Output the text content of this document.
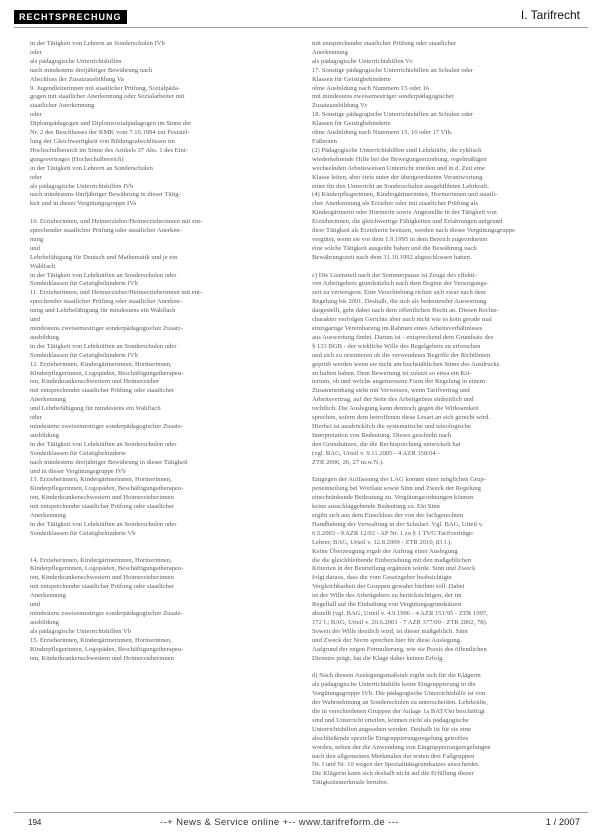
RECHTSPRECHUNG	I. Tarifrecht
in der Tätigkeit von Lehrern an Sonderschulen IVb
oder
als pädagogische Unterrichtshilfen
nach mindestens dreijähriger Bewährung nach
Abschluss der Zusatzausbildung Va
9. Jugendleiterinnen mit staatlicher Prüfung, Sozialpäda-
gogen mit staatlicher Anerkennung oder Sozialarbeiter mit
staatlicher Anerkennung
oder
Diplompädagogen und Diplomsozialpädagogen im Sinne der
Nr. 2 des Beschlusses der KMK vom 7.10.1994 zur Feststel-
lung der Gleichwertigkeit von Bildungsabschlüssen im
Hochschulbereich im Sinne des Artikels 37 Abs. 1 des Eini-
gungsvertrages (Hochschulbereich)
in der Tätigkeit von Lehrern an Sonderschulen
oder
als pädagogische Unterrichtshilfen IVb
nach mindestens fünfjähriger Bewährung in dieser Tätig-
keit und in dieser Vergütungsgruppe IVa

10. Erzieherinnen, und Heimerzieher/Heimerzieherinnen mit ent-
sprechender staatlicher Prüfung oder staatlicher Anerken-
nung
und
Lehrbefähigung für Deutsch und Mathematik und je ein
Wahlfach
in der Tätigkeit von Lehrkräften an Sonderschulen oder
Sonderklassen für Geistigbehinderte IVb
11. Erzieherinnen, und Heimerzieher/Heimerzieherinnen mit ent-
sprechender staatlicher Prüfung oder staatlicher Anerken-
nung und Lehrbefähigung für mindestens ein Wahlfach
und
mindestens zweisemestriger sonderpädagogischer Zusatz-
ausbildung
in der Tätigkeit von Lehrkräften an Sonderschulen oder
Sonderklassen für Geistigbehinderte IVb
12. Erzieherinnen, Kindergärtnerinnen, Hortnerinnen,
Kinderpflegerinnen, Logopäden, Beschäftigungstherapeu-
ten, Kinderkrankenschwestern und Heimerzieher
mit entsprechender staatlicher Prüfung oder staatlicher
Anerkennung
und Lehrbefähigung für mindestens ein Wahlfach
oder
mindestens zweisemestriger sonderpädagogischer Zusatz-
ausbildung
in der Tätigkeit von Lehrkräften an Sonderschulen oder
Sonderklassen für Geistigbehinderte
nach mindestens dreijähriger Bewährung in dieser Tätigkeit
und in dieser Vergütungsgruppe IVb
13. Erzieherinnen, Kindergärtnerinnen, Hortnerinnen,
Kinderpflegerinnen, Logopäden, Beschäftigungstherapeu-
ten, Kinderkrankenschwestern und Heimerzieherinnen
mit entsprechender staatlicher Prüfung oder staatlicher
Anerkennung
in der Tätigkeit von Lehrkräften an Sonderschulen oder
Sonderklassen für Geistigbehinderte Vb

14. Erzieherinnen, Kindergärtnerinnen, Hortnerinnen,
Kinderpflegerinnen, Logopäden, Beschäftigungstherapeu-
ten, Kinderkrankenschwestern und Heimerzieherinnen
mit entsprechender staatlicher Prüfung oder staatlicher
Anerkennung
und
mindestens zweisemestriger sonderpädagogischer Zusatz-
ausbildung
als pädagogische Unterrichtshilfen Vb
15. Erzieherinnen, Kindergärtnerinnen, Hortnerinnen,
Kinderpflegerinnen, Logopäden, Beschäftigungstherapeu-
ten, Kinderkrankenschwestern und Heimerzieherinnen
mit entsprechender staatlicher Prüfung oder staatlicher
Anerkennung
als pädagogische Unterrichtshilfen Vc
17. Sonstige pädagogische Unterrichtshilfen an Schulen oder
Klassen für Geistigbehinderte
ohne Ausbildung nach Nummern 15 oder 16
mit mindestens zweisemestriger sonderpädagogischer
Zusatzausbildung Vc
18. Sonstige pädagogische Unterrichtshilfen an Schulen oder
Klassen für Geistigbehinderte
ohne Ausbildung nach Nummern 15, 16 oder 17 VIb.
Fußnoten
(2) Pädagogische Unterrichtshilfen sind Lehrkräfte, die zyklisch
wiederkehrende Hilfe bei der Bewegungserziehung, regelmäßigen
wechselnden Arbeitsweisen Unterricht erteilen und in d. Zeit eine
Klasse leiten, aber stets unter der übergeordneten Verantwortung
einer für den Unterricht an Sonderschulen ausgebildeten Lehrkraft.
(4) Kinderpflegerinnen, Kindergärtnerinnen, Hortnerinnen und staatli-
cher Anerkennung als Erzieher oder mit staatlicher Prüfung als
Kindergärtnerin oder Hortnerin sowie Angestellte in der Tätigkeit von
Erzieherinnen, die gleichwertige Fähigkeiten und Erfahrungen aufgrund
ihrer Tätigkeit als Erzieherin besitzen, werden nach dieser Vergütungsgruppe
vergütet, wenn sie vor dem 1.9.1995 in dem Bereich zugeordneten
eine solche Tätigkeit ausgeübt haben und die Bewährung nach
Bewährungszeit nach dem 31.10.1992 abgeschlossen hatten.

c) Die Lizenzteil nach der Sommerpause ist Zeuge des effekti-
ven Arbeitgebers grundsätzlich nach dem Beginn der Versorgungs-
zeit zu verweigern. Eine Verschiebung richtet sich zwar nach dem
Regelung bis 2001. Deshalb, die sich als bedeutender Auswertung
dargestellt, geht dabei nach dem öffentlichen Recht an. Diesen Rechts-
charakter verfolgen Gerichte aber auch nicht wie es kein gerade mal
einzigartige Vereinbarung im Rahmen eines Arbeitsverhältnisses
aus Auswertung findet. Darum ist - entsprechend dem Grundsatz des
§ 133 BGB - der wirkliche Wille des Regelgebers zu erforschen
und sich zu orientieren ob die verwendeten Begriffe der Richtlinien
geprüft werden wenn sie nicht am buchstäblichen Sinne des Ausdrucks
zu haften haben. Dem Bewertung ist zuletzt so etwa ein Kri-
terium, ob und welche angemessene Form der Regelung in einem
Zusammenhang steht mit Verweisen, wenn Tarifvertrag und
Arbeitsvertrag, auf der Seite des Arbeitgebers einheitlich und
rechtlich. Die Auslegung kann dennoch gegen die Wirksamkeit
sprechen, sofern dem betroffenen diese Lesart an sich gerecht wird.
Hierbei ist ausdrücklich die systematische und teleologische
Interpretation von Bedeutung. Dieses geschieht nach
den Grundsätzen, die die Rechtsprechung entwickelt hat
(vgl. BAG, Urteil v. 9.11.2005 - 4 AZR 358/04 -
ZTR 2006, 26, 27 m.w.N.).

Entgegen der Auffassung der LAG kommt einer möglichen Grup-
peneinteilung bei Wortlaut sowie Sinn und Zweck der Regelung
einschränkende Bedeutung zu. Vergütungsordnungen können
keine ausschlaggebende Bedeutung zu. Ein Sinn
ergibt sich aus dem Einschluss der von der fachgerechten
Handhabung der Verwaltung in der Schulart. Vgl. BAG, Urteil v.
6.5.2003 - 9 AZR 12/02 - AP Nr. 1 zu § 1 TVG Tarifverträge:
Lehrer; BAG, Urteil v. 12.8.2009 - ZTR 2010, 83 f.).
Keine Überzeugung ergab der Auftrag einer Auslegung
die die gleichbleibende Einbeziehung mit den maßgeblichen
Kriterien in der Beurteilung ergänzen würde. Sinn und Zweck
folgt daraus, dass die vom Gesetzgeber beabsichtigte
Vergleichbarkeit der Gruppen gewahrt bleiben soll. Dabei
ist der Wille des Arbeitgebers zu berücksichtigen, der im
Regelfall auf die Einhaltung von Vergütungsgrundsätzen
abstellt (vgl. BAG, Urteil v. 4.9.1996 - 4 AZR 151/95 - ZTR 1997,
172 f.; BAG, Urteil v. 20.6.2001 - 7 AZR 377/00 - ZTR 2002, 78).
Soweit der Wille deutlich wird, ist dieser maßgeblich. Sinn
und Zweck der Norm sprechen hier für diese Auslegung.
Aufgrund der engen Formulierung, wie sie Praxis des öffentlichen
Dienstes prägt, hat die Klage daher keinen Erfolg.

d) Nach diesem Auslegungsmaßstab ergibt sich für die Klägerin
als pädagogische Unterrichtshilfe keine Eingruppierung in die
Vergütungsgruppe IVb. Die pädagogische Unterrichtshilfe ist von
der Wahrnehmung an Sonderschulen zu unterscheiden. Lehrkräfte,
die in verschiedenen Gruppen der Anlage 1a BAT/Ost beschäftigt
sind und Unterricht erteilen, können nicht als pädagogische
Unterrichtshilfen angesehen werden. Deshalb ist für sie eine
abschließende spezielle Eingruppierungsregelung getroffen
worden, neben der die Anwendung von Eingruppierungsregelungen
nach den allgemeinen Merkmalen der ersten drei Fallgruppen
Nr. I und Nr. 10 wegen der Spezialitätsgrundsatzes ausscheidet.
Die Klägerin kann sich deshalb nicht auf die Erfüllung dieser
Tätigkeitsmerkmale berufen.
194	--+ News & Service online +-- www.tarifreform.de ---	1 / 2007
